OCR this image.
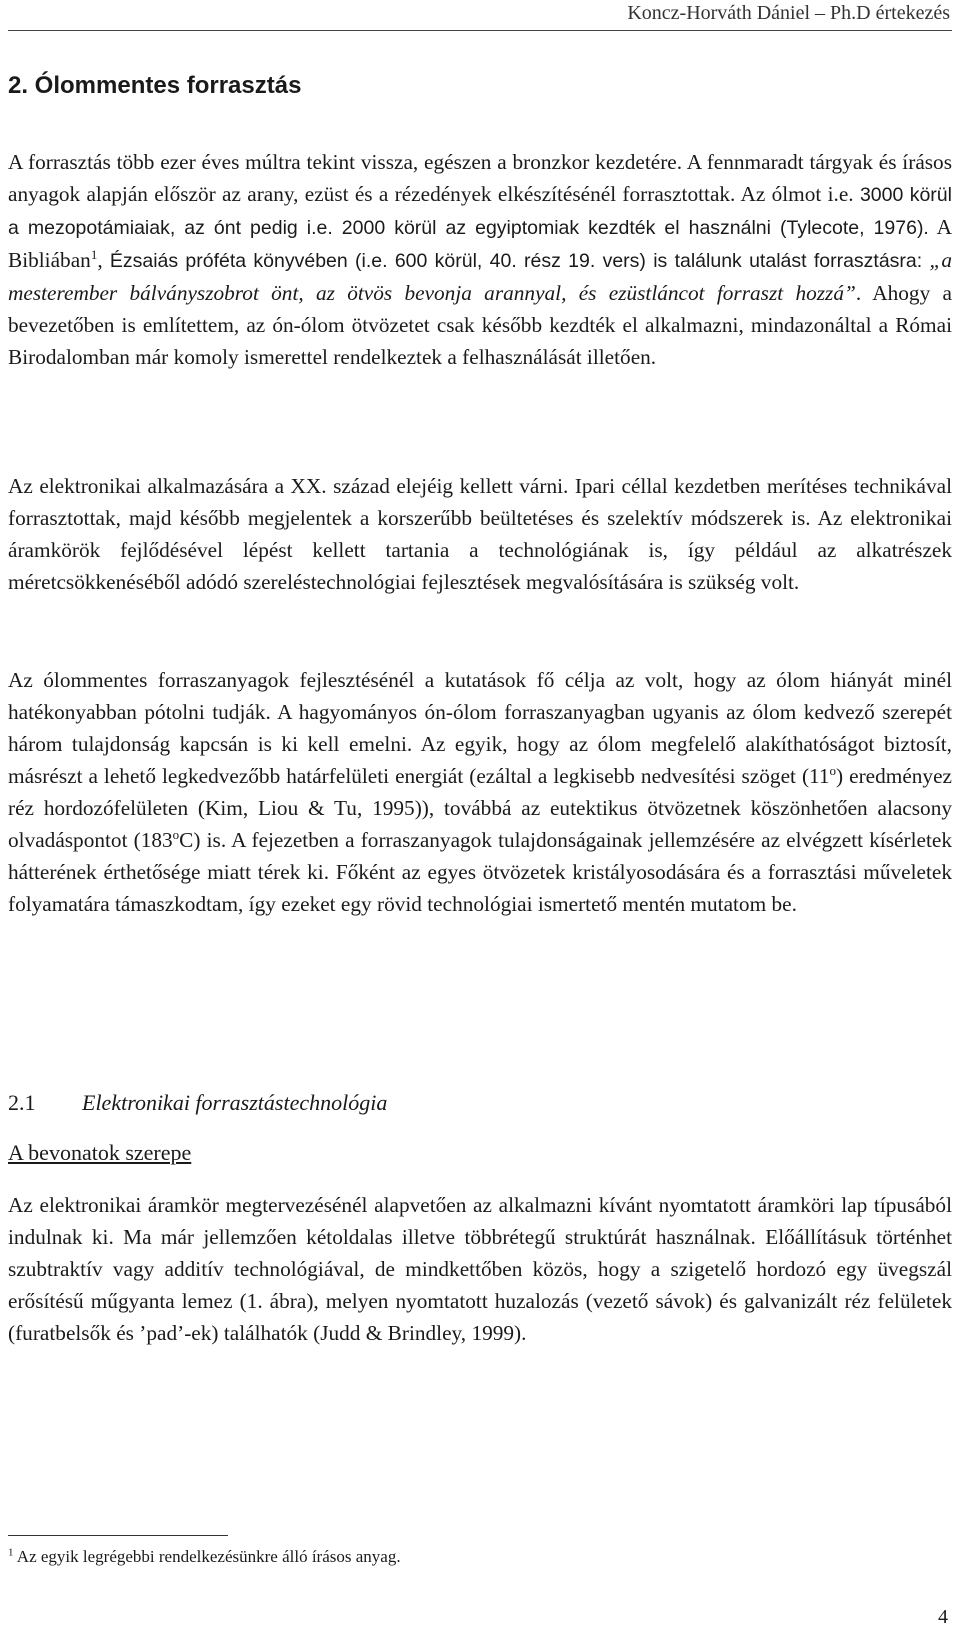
Koncz-Horváth Dániel – Ph.D értekezés
2. Ólommentes forrasztás

A forrasztás több ezer éves múltra tekint vissza, egészen a bronzkor kezdetére. A fennmaradt tárgyak és írásos anyagok alapján először az arany, ezüst és a rézedények elkészítésénél forrasztottak. Az ólmot i.e. 3000 körül a mezopotámiaiak, az ónt pedig i.e. 2000 körül az egyiptomiak kezdték el használni (Tylecote, 1976). A Bibliában$^1$, Ézsaiás próféta könyvében (i.e. 600 körül, 40. rész 19. vers) is találunk utalást forrasztásra: „a mesterember bálványszobrot önt, az ötvös bevonja arannyal, és ezüstláncot forraszt hozzá”. Ahogy a bevezetőben is említettem, az ón-ólom ötvözetet csak később kezdték el alkalmazni, mindazonáltal a Római Birodalomban már komoly ismerettel rendelkeztek a felhasználását illetően.

Az elektronikai alkalmazására a XX. század elejéig kellett várni. Ipari céllal kezdetben merítéses technikával forrasztottak, majd később megjelentek a korszerűbb beültetéses és szelektív módszerek is. Az elektronikai áramkörök fejlődésével lépést kellett tartania a technológiának is, így például az alkatrészek méretcsökkenéséből adódó szereléstechnológiai fejlesztések megvalósítására is szükség volt.

Az ólommentes forraszanyagok fejlesztésénél a kutatások fő célja az volt, hogy az ólom hiányát minél hatékonyabban pótolni tudják. A hagyományos ón-ólom forraszanyagban ugyanis az ólom kedvező szerepét három tulajdonság kapcsán is ki kell emelni. Az egyik, hogy az ólom megfelelő alakíthatóságot biztosít, másrészt a lehető legkedvezőbb határfelületi energiát (ezáltal a legkisebb nedvesítési szöget (11$^o$) eredményez réz hordozófelületen (Kim, Liou & Tu, 1995)), továbbá az eutektikus ötvözetnek köszönhetően alacsony olvadáspontot (183$^o$C) is. A fejezetben a forraszanyagok tulajdonságainak jellemzésére az elvégzett kísérletek hátterének érthetősége miatt térek ki. Főként az egyes ötvözetek kristályosodására és a forrasztási műveletek folyamatára támaszkodtam, így ezeket egy rövid technológiai ismertető mentén mutatom be.

2.1 Elektronikai forrasztástechnológia
A bevonatok szerepe

Az elektronikai áramkör megtervezésénél alapvetően az alkalmazni kívánt nyomtatott áramköri lap típusából indulnak ki. Ma már jellemzően kétoldalas illetve többrétegű struktúrát használnak. Előállításuk történhet szubtraktív vagy additív technológiával, de mindkettőben közös, hogy a szigetelő hordozó egy üvegszál erősítésű műgyanta lemez (1. ábra), melyen nyomtatott huzalozás (vezető sávok) és galvanizált réz felületek (furatbelsők és ’pad’-ek) találhatók (Judd & Brindley, 1999).

$^1$ Az egyik legrégebbi rendelkezésünkre álló írásos anyag.

4
